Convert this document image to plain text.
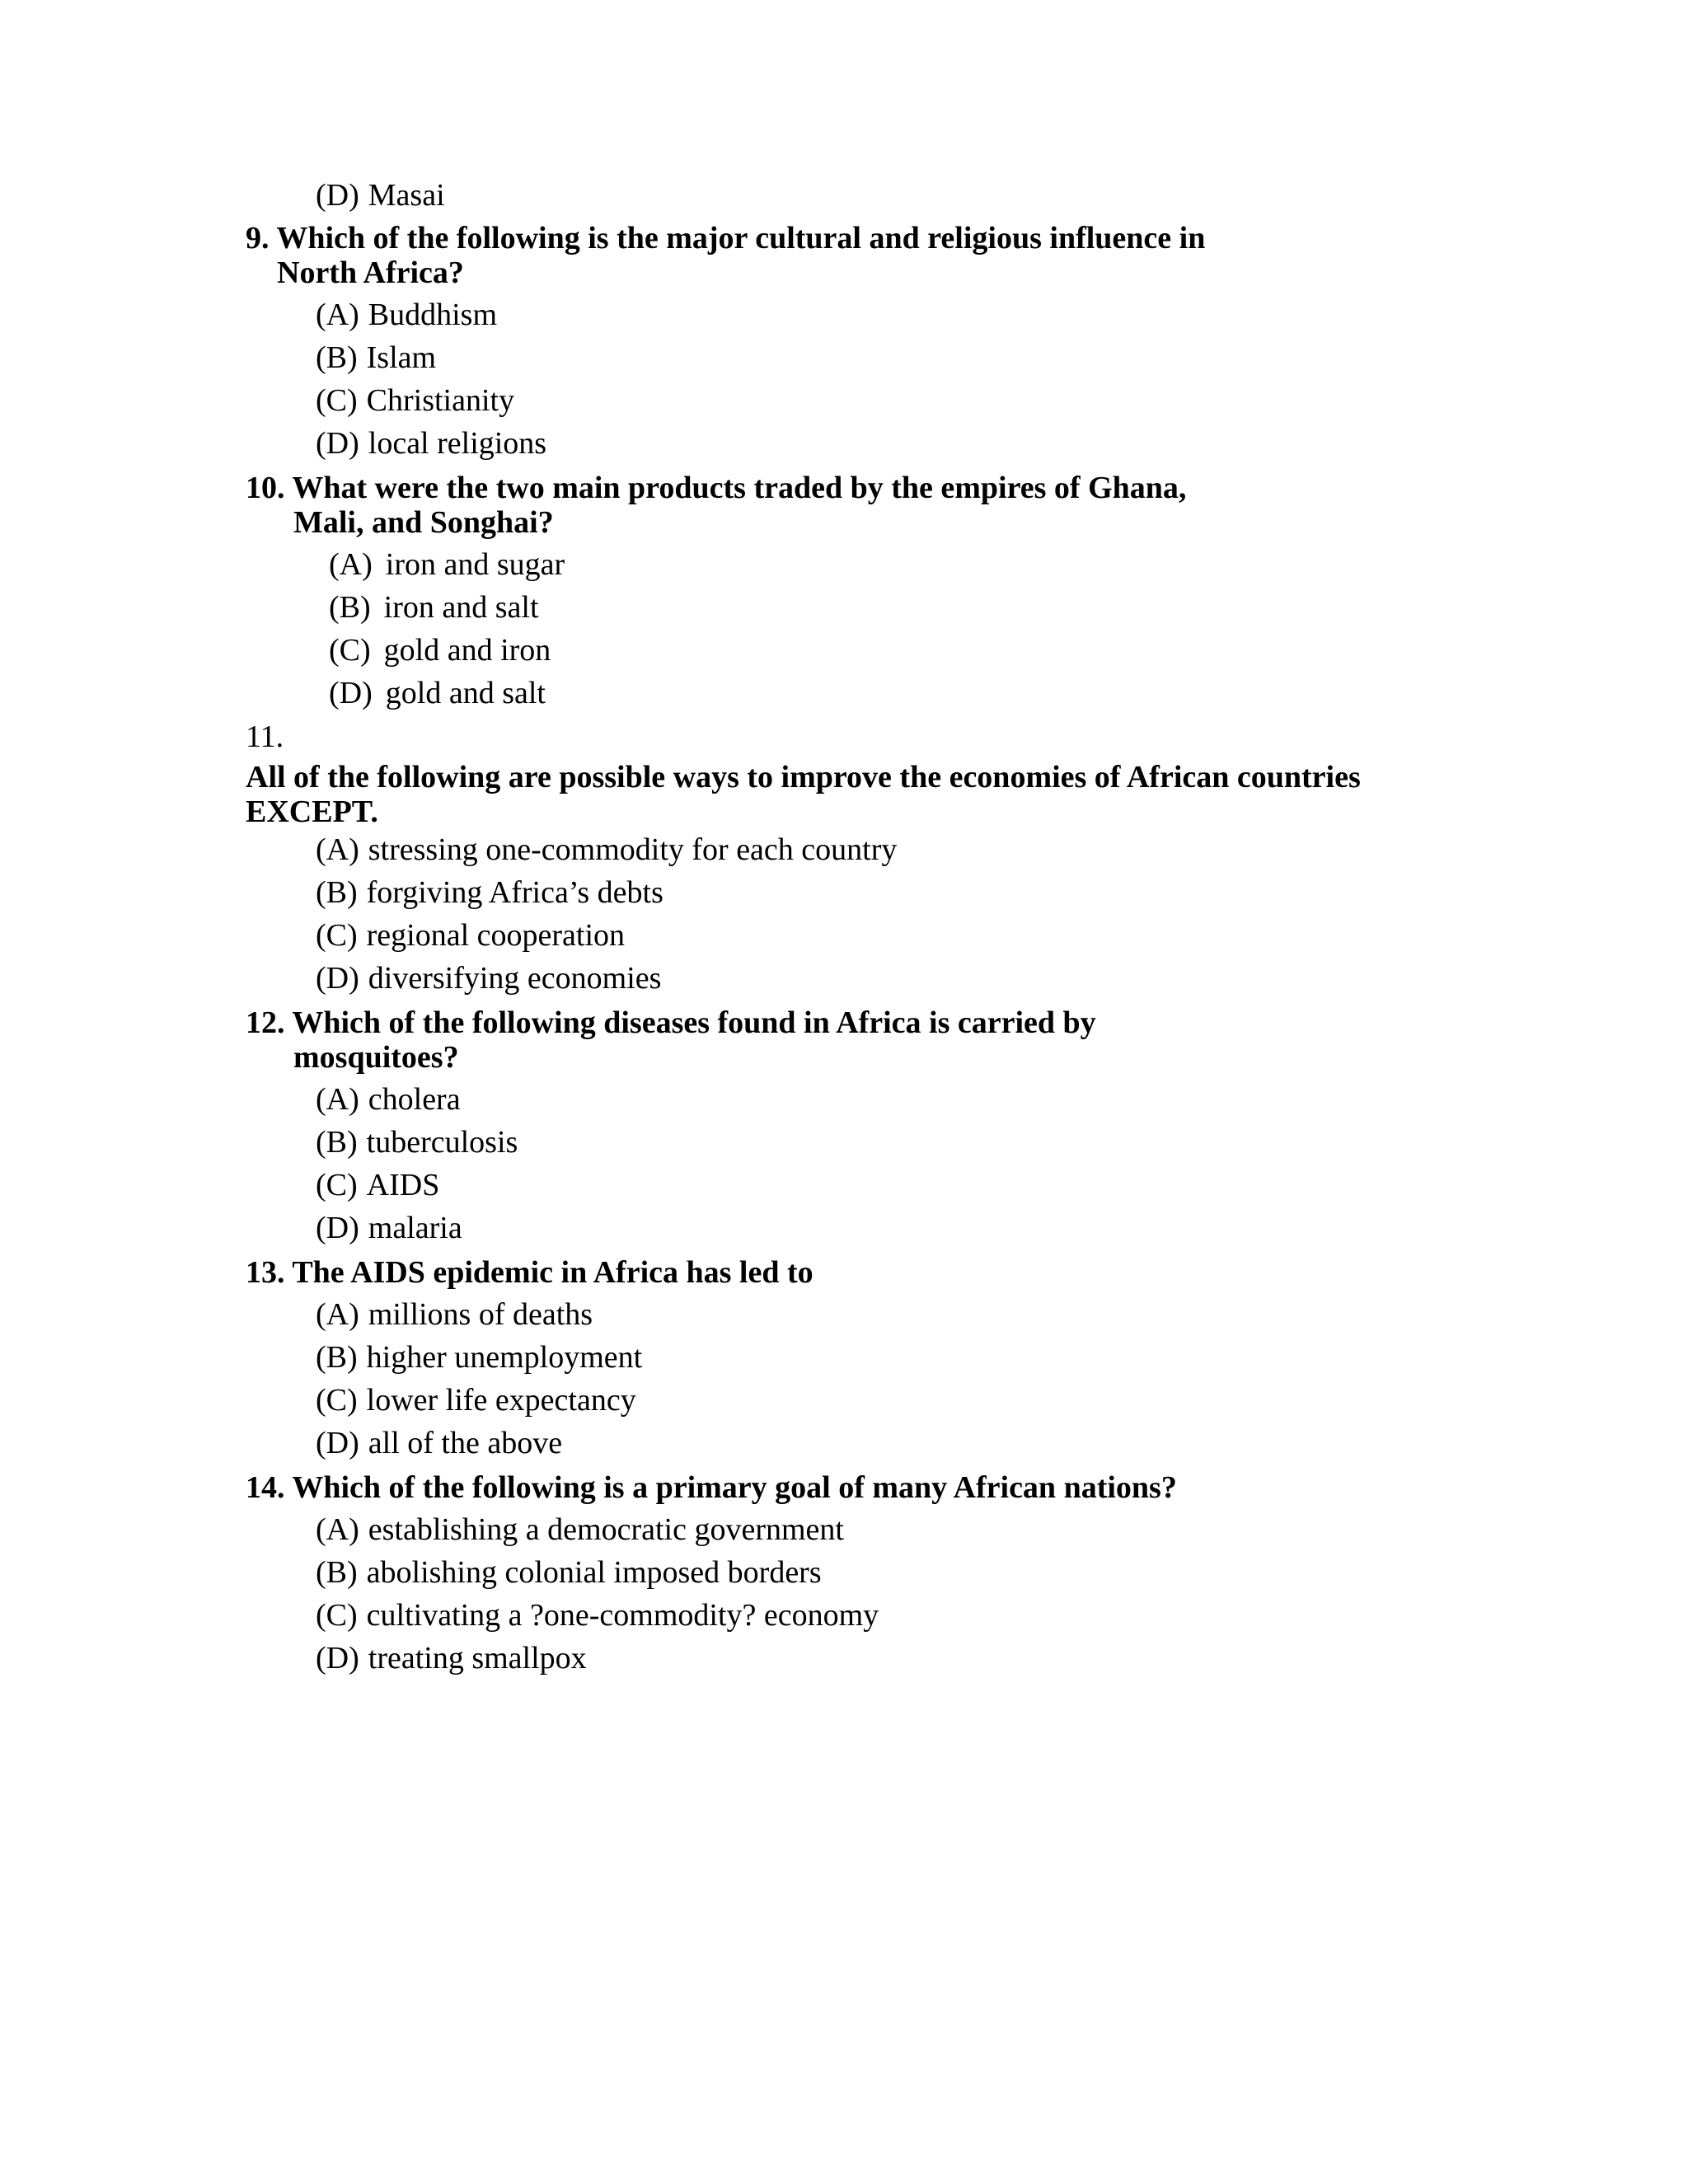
(D) Masai
9. Which of the following is the major cultural and religious influence in
North Africa?
(A) Buddhism
(B) Islam
(C) Christianity
(D) local religions
10. What were the two main products traded by the empires of Ghana,
Mali, and Songhai?
(A) iron and sugar
(B) iron and salt
(C) gold and iron
(D) gold and salt
11.
All of the following are possible ways to improve the economies of African countries
EXCEPT.
(A) stressing one-commodity for each country
(B) forgiving Africa’s debts
(C) regional cooperation
(D) diversifying economies
12. Which of the following diseases found in Africa is carried by
mosquitoes?
(A) cholera
(B) tuberculosis
(C) AIDS
(D) malaria
13. The AIDS epidemic in Africa has led to
(A) millions of deaths
(B) higher unemployment
(C) lower life expectancy
(D) all of the above
14. Which of the following is a primary goal of many African nations?
(A) establishing a democratic government
(B) abolishing colonial imposed borders
(C) cultivating a ?one-commodity? economy
(D) treating smallpox
